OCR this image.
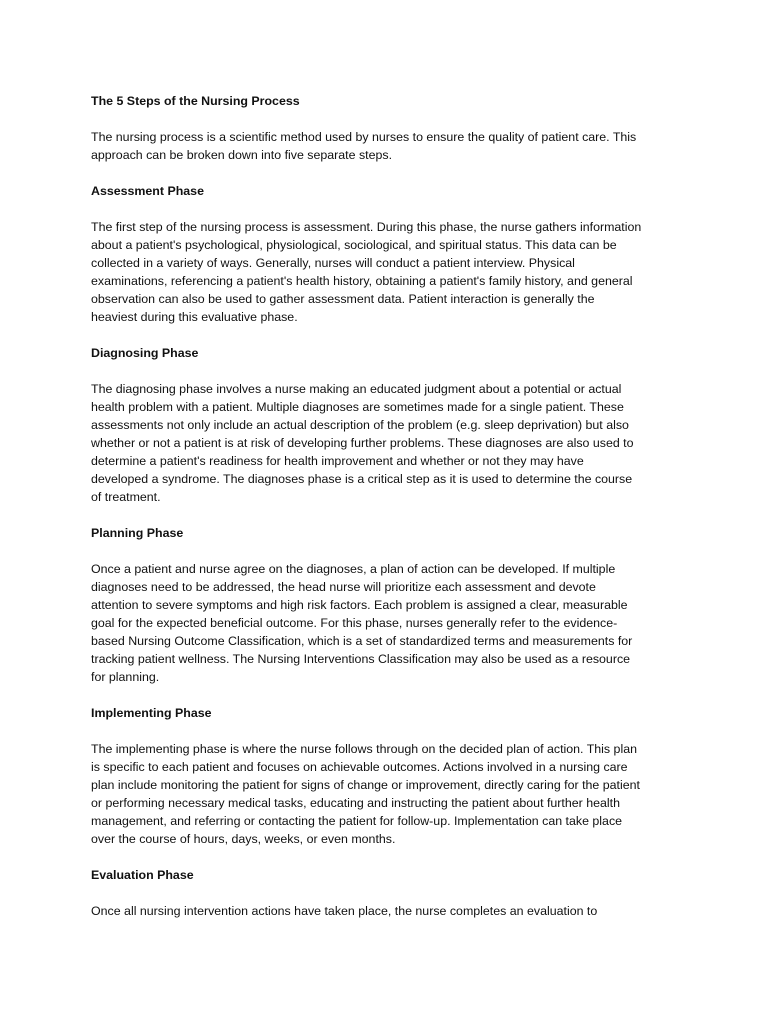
The 5 Steps of the Nursing Process

The nursing process is a scientific method used by nurses to ensure the quality of patient care. This
approach can be broken down into five separate steps.

Assessment Phase

The first step of the nursing process is assessment. During this phase, the nurse gathers information
about a patient's psychological, physiological, sociological, and spiritual status. This data can be
collected in a variety of ways. Generally, nurses will conduct a patient interview. Physical
examinations, referencing a patient's health history, obtaining a patient's family history, and general
observation can also be used to gather assessment data. Patient interaction is generally the
heaviest during this evaluative phase.

Diagnosing Phase

The diagnosing phase involves a nurse making an educated judgment about a potential or actual
health problem with a patient. Multiple diagnoses are sometimes made for a single patient. These
assessments not only include an actual description of the problem (e.g. sleep deprivation) but also
whether or not a patient is at risk of developing further problems. These diagnoses are also used to
determine a patient's readiness for health improvement and whether or not they may have
developed a syndrome. The diagnoses phase is a critical step as it is used to determine the course
of treatment.

Planning Phase

Once a patient and nurse agree on the diagnoses, a plan of action can be developed. If multiple
diagnoses need to be addressed, the head nurse will prioritize each assessment and devote
attention to severe symptoms and high risk factors. Each problem is assigned a clear, measurable
goal for the expected beneficial outcome. For this phase, nurses generally refer to the evidence-
based Nursing Outcome Classification, which is a set of standardized terms and measurements for
tracking patient wellness. The Nursing Interventions Classification may also be used as a resource
for planning.

Implementing Phase

The implementing phase is where the nurse follows through on the decided plan of action. This plan
is specific to each patient and focuses on achievable outcomes. Actions involved in a nursing care
plan include monitoring the patient for signs of change or improvement, directly caring for the patient
or performing necessary medical tasks, educating and instructing the patient about further health
management, and referring or contacting the patient for follow-up. Implementation can take place
over the course of hours, days, weeks, or even months.

Evaluation Phase

Once all nursing intervention actions have taken place, the nurse completes an evaluation to
